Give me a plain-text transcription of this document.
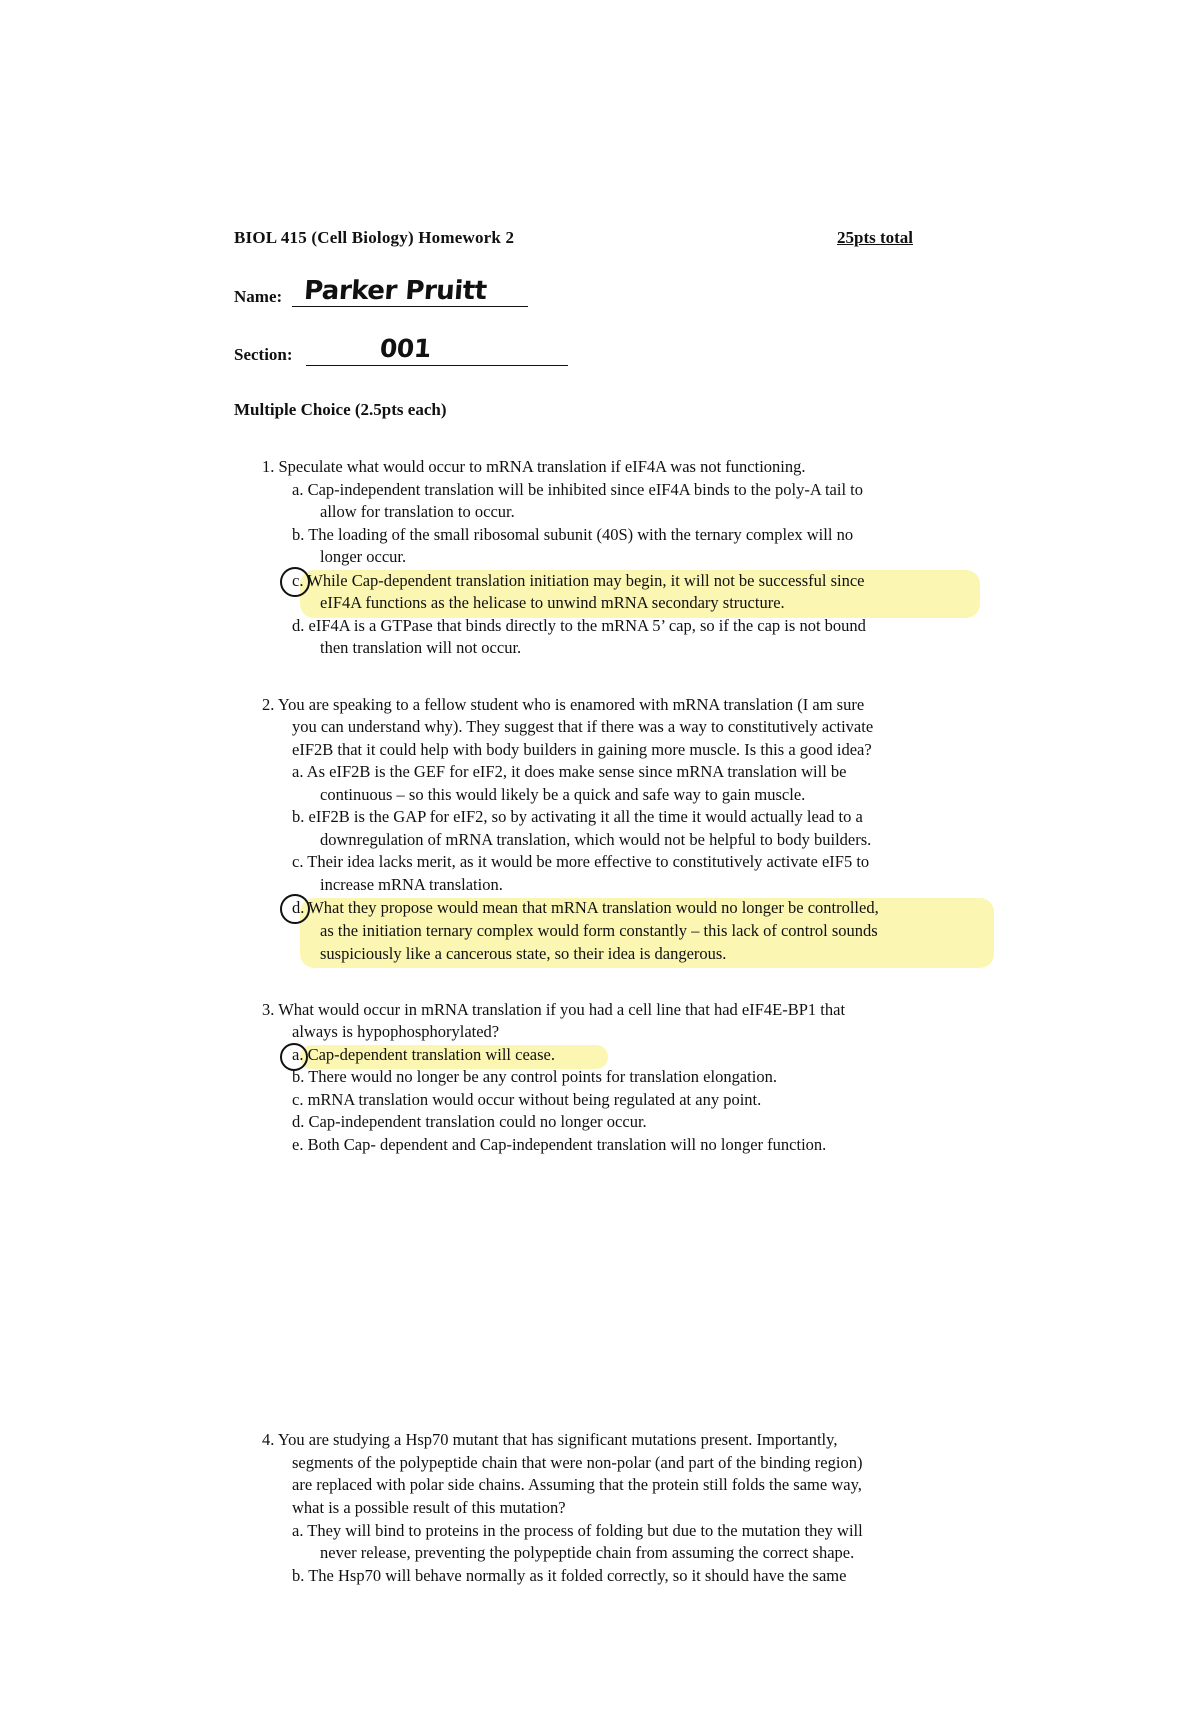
BIOL 415 (Cell Biology) Homework 2	25pts total
Name: Parker Pruitt
Section:	001
Multiple Choice (2.5pts each)
1. Speculate what would occur to mRNA translation if eIF4A was not functioning.
a. Cap-independent translation will be inhibited since eIF4A binds to the poly-A tail to
allow for translation to occur.
b. The loading of the small ribosomal subunit (40S) with the ternary complex will no
longer occur.
c. While Cap-dependent translation initiation may begin, it will not be successful since
eIF4A functions as the helicase to unwind mRNA secondary structure.
d. eIF4A is a GTPase that binds directly to the mRNA 5’ cap, so if the cap is not bound
then translation will not occur.
2. You are speaking to a fellow student who is enamored with mRNA translation (I am sure
you can understand why). They suggest that if there was a way to constitutively activate
eIF2B that it could help with body builders in gaining more muscle. Is this a good idea?
a. As eIF2B is the GEF for eIF2, it does make sense since mRNA translation will be
continuous – so this would likely be a quick and safe way to gain muscle.
b. eIF2B is the GAP for eIF2, so by activating it all the time it would actually lead to a
downregulation of mRNA translation, which would not be helpful to body builders.
c. Their idea lacks merit, as it would be more effective to constitutively activate eIF5 to
increase mRNA translation.
d. What they propose would mean that mRNA translation would no longer be controlled,
as the initiation ternary complex would form constantly – this lack of control sounds
suspiciously like a cancerous state, so their idea is dangerous.
3. What would occur in mRNA translation if you had a cell line that had eIF4E-BP1 that
always is hypophosphorylated?
a. Cap-dependent translation will cease.
b. There would no longer be any control points for translation elongation.
c. mRNA translation would occur without being regulated at any point.
d. Cap-independent translation could no longer occur.
e. Both Cap- dependent and Cap-independent translation will no longer function.
4. You are studying a Hsp70 mutant that has significant mutations present. Importantly,
segments of the polypeptide chain that were non-polar (and part of the binding region)
are replaced with polar side chains. Assuming that the protein still folds the same way,
what is a possible result of this mutation?
a. They will bind to proteins in the process of folding but due to the mutation they will
never release, preventing the polypeptide chain from assuming the correct shape.
b. The Hsp70 will behave normally as it folded correctly, so it should have the same
